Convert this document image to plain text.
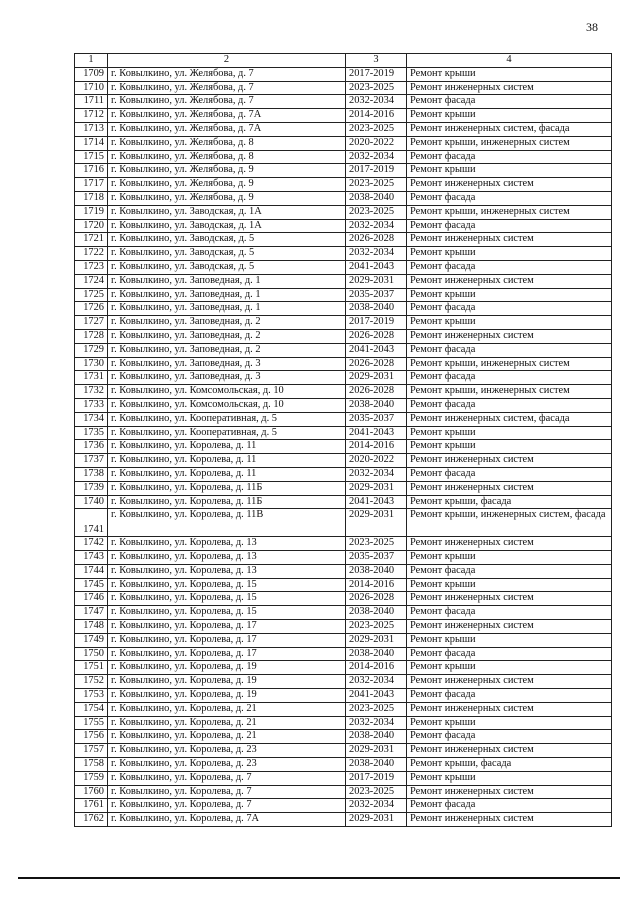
38
1	2	3	4
1709	г. Ковылкино, ул. Желябова, д. 7	2017-2019	Ремонт крыши
1710	г. Ковылкино, ул. Желябова, д. 7	2023-2025	Ремонт инженерных систем
1711	г. Ковылкино, ул. Желябова, д. 7	2032-2034	Ремонт фасада
1712	г. Ковылкино, ул. Желябова, д. 7А	2014-2016	Ремонт крыши
1713	г. Ковылкино, ул. Желябова, д. 7А	2023-2025	Ремонт инженерных систем, фасада
1714	г. Ковылкино, ул. Желябова, д. 8	2020-2022	Ремонт крыши, инженерных систем
1715	г. Ковылкино, ул. Желябова, д. 8	2032-2034	Ремонт фасада
1716	г. Ковылкино, ул. Желябова, д. 9	2017-2019	Ремонт крыши
1717	г. Ковылкино, ул. Желябова, д. 9	2023-2025	Ремонт инженерных систем
1718	г. Ковылкино, ул. Желябова, д. 9	2038-2040	Ремонт фасада
1719	г. Ковылкино, ул. Заводская, д. 1А	2023-2025	Ремонт крыши, инженерных систем
1720	г. Ковылкино, ул. Заводская, д. 1А	2032-2034	Ремонт фасада
1721	г. Ковылкино, ул. Заводская, д. 5	2026-2028	Ремонт инженерных систем
1722	г. Ковылкино, ул. Заводская, д. 5	2032-2034	Ремонт крыши
1723	г. Ковылкино, ул. Заводская, д. 5	2041-2043	Ремонт фасада
1724	г. Ковылкино, ул. Заповедная, д. 1	2029-2031	Ремонт инженерных систем
1725	г. Ковылкино, ул. Заповедная, д. 1	2035-2037	Ремонт крыши
1726	г. Ковылкино, ул. Заповедная, д. 1	2038-2040	Ремонт фасада
1727	г. Ковылкино, ул. Заповедная, д. 2	2017-2019	Ремонт крыши
1728	г. Ковылкино, ул. Заповедная, д. 2	2026-2028	Ремонт инженерных систем
1729	г. Ковылкино, ул. Заповедная, д. 2	2041-2043	Ремонт фасада
1730	г. Ковылкино, ул. Заповедная, д. 3	2026-2028	Ремонт крыши, инженерных систем
1731	г. Ковылкино, ул. Заповедная, д. 3	2029-2031	Ремонт фасада
1732	г. Ковылкино, ул. Комсомольская, д. 10	2026-2028	Ремонт крыши, инженерных систем
1733	г. Ковылкино, ул. Комсомольская, д. 10	2038-2040	Ремонт фасада
1734	г. Ковылкино, ул. Кооперативная, д. 5	2035-2037	Ремонт инженерных систем, фасада
1735	г. Ковылкино, ул. Кооперативная, д. 5	2041-2043	Ремонт крыши
1736	г. Ковылкино, ул. Королева, д. 11	2014-2016	Ремонт крыши
1737	г. Ковылкино, ул. Королева, д. 11	2020-2022	Ремонт инженерных систем
1738	г. Ковылкино, ул. Королева, д. 11	2032-2034	Ремонт фасада
1739	г. Ковылкино, ул. Королева, д. 11Б	2029-2031	Ремонт инженерных систем
1740	г. Ковылкино, ул. Королева, д. 11Б	2041-2043	Ремонт крыши, фасада
1741	г. Ковылкино, ул. Королева, д. 11В	2029-2031	Ремонт крыши, инженерных систем, фасада
1742	г. Ковылкино, ул. Королева, д. 13	2023-2025	Ремонт инженерных систем
1743	г. Ковылкино, ул. Королева, д. 13	2035-2037	Ремонт крыши
1744	г. Ковылкино, ул. Королева, д. 13	2038-2040	Ремонт фасада
1745	г. Ковылкино, ул. Королева, д. 15	2014-2016	Ремонт крыши
1746	г. Ковылкино, ул. Королева, д. 15	2026-2028	Ремонт инженерных систем
1747	г. Ковылкино, ул. Королева, д. 15	2038-2040	Ремонт фасада
1748	г. Ковылкино, ул. Королева, д. 17	2023-2025	Ремонт инженерных систем
1749	г. Ковылкино, ул. Королева, д. 17	2029-2031	Ремонт крыши
1750	г. Ковылкино, ул. Королева, д. 17	2038-2040	Ремонт фасада
1751	г. Ковылкино, ул. Королева, д. 19	2014-2016	Ремонт крыши
1752	г. Ковылкино, ул. Королева, д. 19	2032-2034	Ремонт инженерных систем
1753	г. Ковылкино, ул. Королева, д. 19	2041-2043	Ремонт фасада
1754	г. Ковылкино, ул. Королева, д. 21	2023-2025	Ремонт инженерных систем
1755	г. Ковылкино, ул. Королева, д. 21	2032-2034	Ремонт крыши
1756	г. Ковылкино, ул. Королева, д. 21	2038-2040	Ремонт фасада
1757	г. Ковылкино, ул. Королева, д. 23	2029-2031	Ремонт инженерных систем
1758	г. Ковылкино, ул. Королева, д. 23	2038-2040	Ремонт крыши, фасада
1759	г. Ковылкино, ул. Королева, д. 7	2017-2019	Ремонт крыши
1760	г. Ковылкино, ул. Королева, д. 7	2023-2025	Ремонт инженерных систем
1761	г. Ковылкино, ул. Королева, д. 7	2032-2034	Ремонт фасада
1762	г. Ковылкино, ул. Королева, д. 7А	2029-2031	Ремонт инженерных систем
